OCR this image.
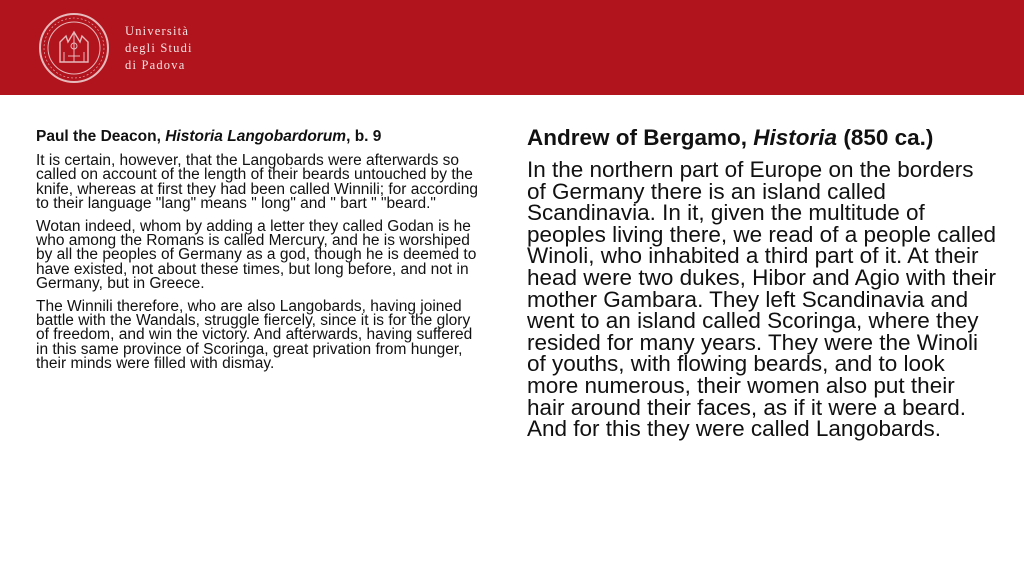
Università
degli Studi
di Padova
Paul the Deacon, Historia Langobardorum, b. 9

It is certain, however, that the Langobards were afterwards so called on account of the length of their beards untouched by the knife, whereas at first they had been called Winnili; for according to their language "lang" means " long" and " bart " "beard."

Wotan indeed, whom by adding a letter they called Godan is he who among the Romans is called Mercury, and he is worshiped by all the peoples of Germany as a god, though he is deemed to have existed, not about these times, but long before, and not in Germany, but in Greece.

The Winnili therefore, who are also Langobards, having joined battle with the Wandals, struggle fiercely, since it is for the glory of freedom, and win the victory. And afterwards, having suffered in this same province of Scoringa, great privation from hunger, their minds were filled with dismay.

Andrew of Bergamo, Historia (850 ca.)

In the northern part of Europe on the borders of Germany there is an island called Scandinavia. In it, given the multitude of peoples living there, we read of a people called Winoli, who inhabited a third part of it. At their head were two dukes, Hibor and Agio with their mother Gambara. They left Scandinavia and went to an island called Scoringa, where they resided for many years. They were the Winoli of youths, with flowing beards, and to look more numerous, their women also put their hair around their faces, as if it were a beard. And for this they were called Langobards.
